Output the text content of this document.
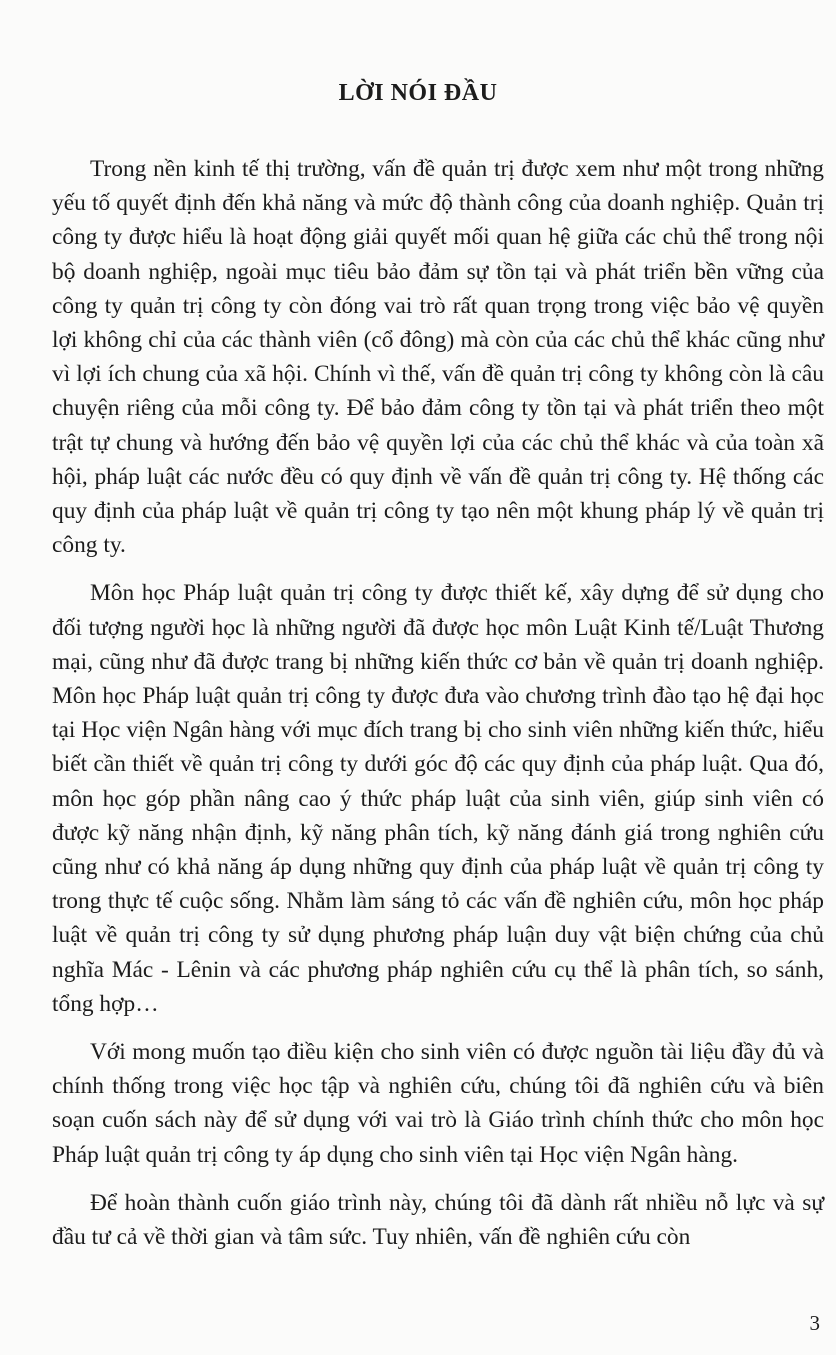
LỜI NÓI ĐẦU

Trong nền kinh tế thị trường, vấn đề quản trị được xem như một trong những yếu tố quyết định đến khả năng và mức độ thành công của doanh nghiệp. Quản trị công ty được hiểu là hoạt động giải quyết mối quan hệ giữa các chủ thể trong nội bộ doanh nghiệp, ngoài mục tiêu bảo đảm sự tồn tại và phát triển bền vững của công ty quản trị công ty còn đóng vai trò rất quan trọng trong việc bảo vệ quyền lợi không chỉ của các thành viên (cổ đông) mà còn của các chủ thể khác cũng như vì lợi ích chung của xã hội. Chính vì thế, vấn đề quản trị công ty không còn là câu chuyện riêng của mỗi công ty. Để bảo đảm công ty tồn tại và phát triển theo một trật tự chung và hướng đến bảo vệ quyền lợi của các chủ thể khác và của toàn xã hội, pháp luật các nước đều có quy định về vấn đề quản trị công ty. Hệ thống các quy định của pháp luật về quản trị công ty tạo nên một khung pháp lý về quản trị công ty.

Môn học Pháp luật quản trị công ty được thiết kế, xây dựng để sử dụng cho đối tượng người học là những người đã được học môn Luật Kinh tế/Luật Thương mại, cũng như đã được trang bị những kiến thức cơ bản về quản trị doanh nghiệp. Môn học Pháp luật quản trị công ty được đưa vào chương trình đào tạo hệ đại học tại Học viện Ngân hàng với mục đích trang bị cho sinh viên những kiến thức, hiểu biết cần thiết về quản trị công ty dưới góc độ các quy định của pháp luật. Qua đó, môn học góp phần nâng cao ý thức pháp luật của sinh viên, giúp sinh viên có được kỹ năng nhận định, kỹ năng phân tích, kỹ năng đánh giá trong nghiên cứu cũng như có khả năng áp dụng những quy định của pháp luật về quản trị công ty trong thực tế cuộc sống. Nhằm làm sáng tỏ các vấn đề nghiên cứu, môn học pháp luật về quản trị công ty sử dụng phương pháp luận duy vật biện chứng của chủ nghĩa Mác - Lênin và các phương pháp nghiên cứu cụ thể là phân tích, so sánh, tổng hợp…

Với mong muốn tạo điều kiện cho sinh viên có được nguồn tài liệu đầy đủ và chính thống trong việc học tập và nghiên cứu, chúng tôi đã nghiên cứu và biên soạn cuốn sách này để sử dụng với vai trò là Giáo trình chính thức cho môn học Pháp luật quản trị công ty áp dụng cho sinh viên tại Học viện Ngân hàng.

Để hoàn thành cuốn giáo trình này, chúng tôi đã dành rất nhiều nỗ lực và sự đầu tư cả về thời gian và tâm sức. Tuy nhiên, vấn đề nghiên cứu còn

3
